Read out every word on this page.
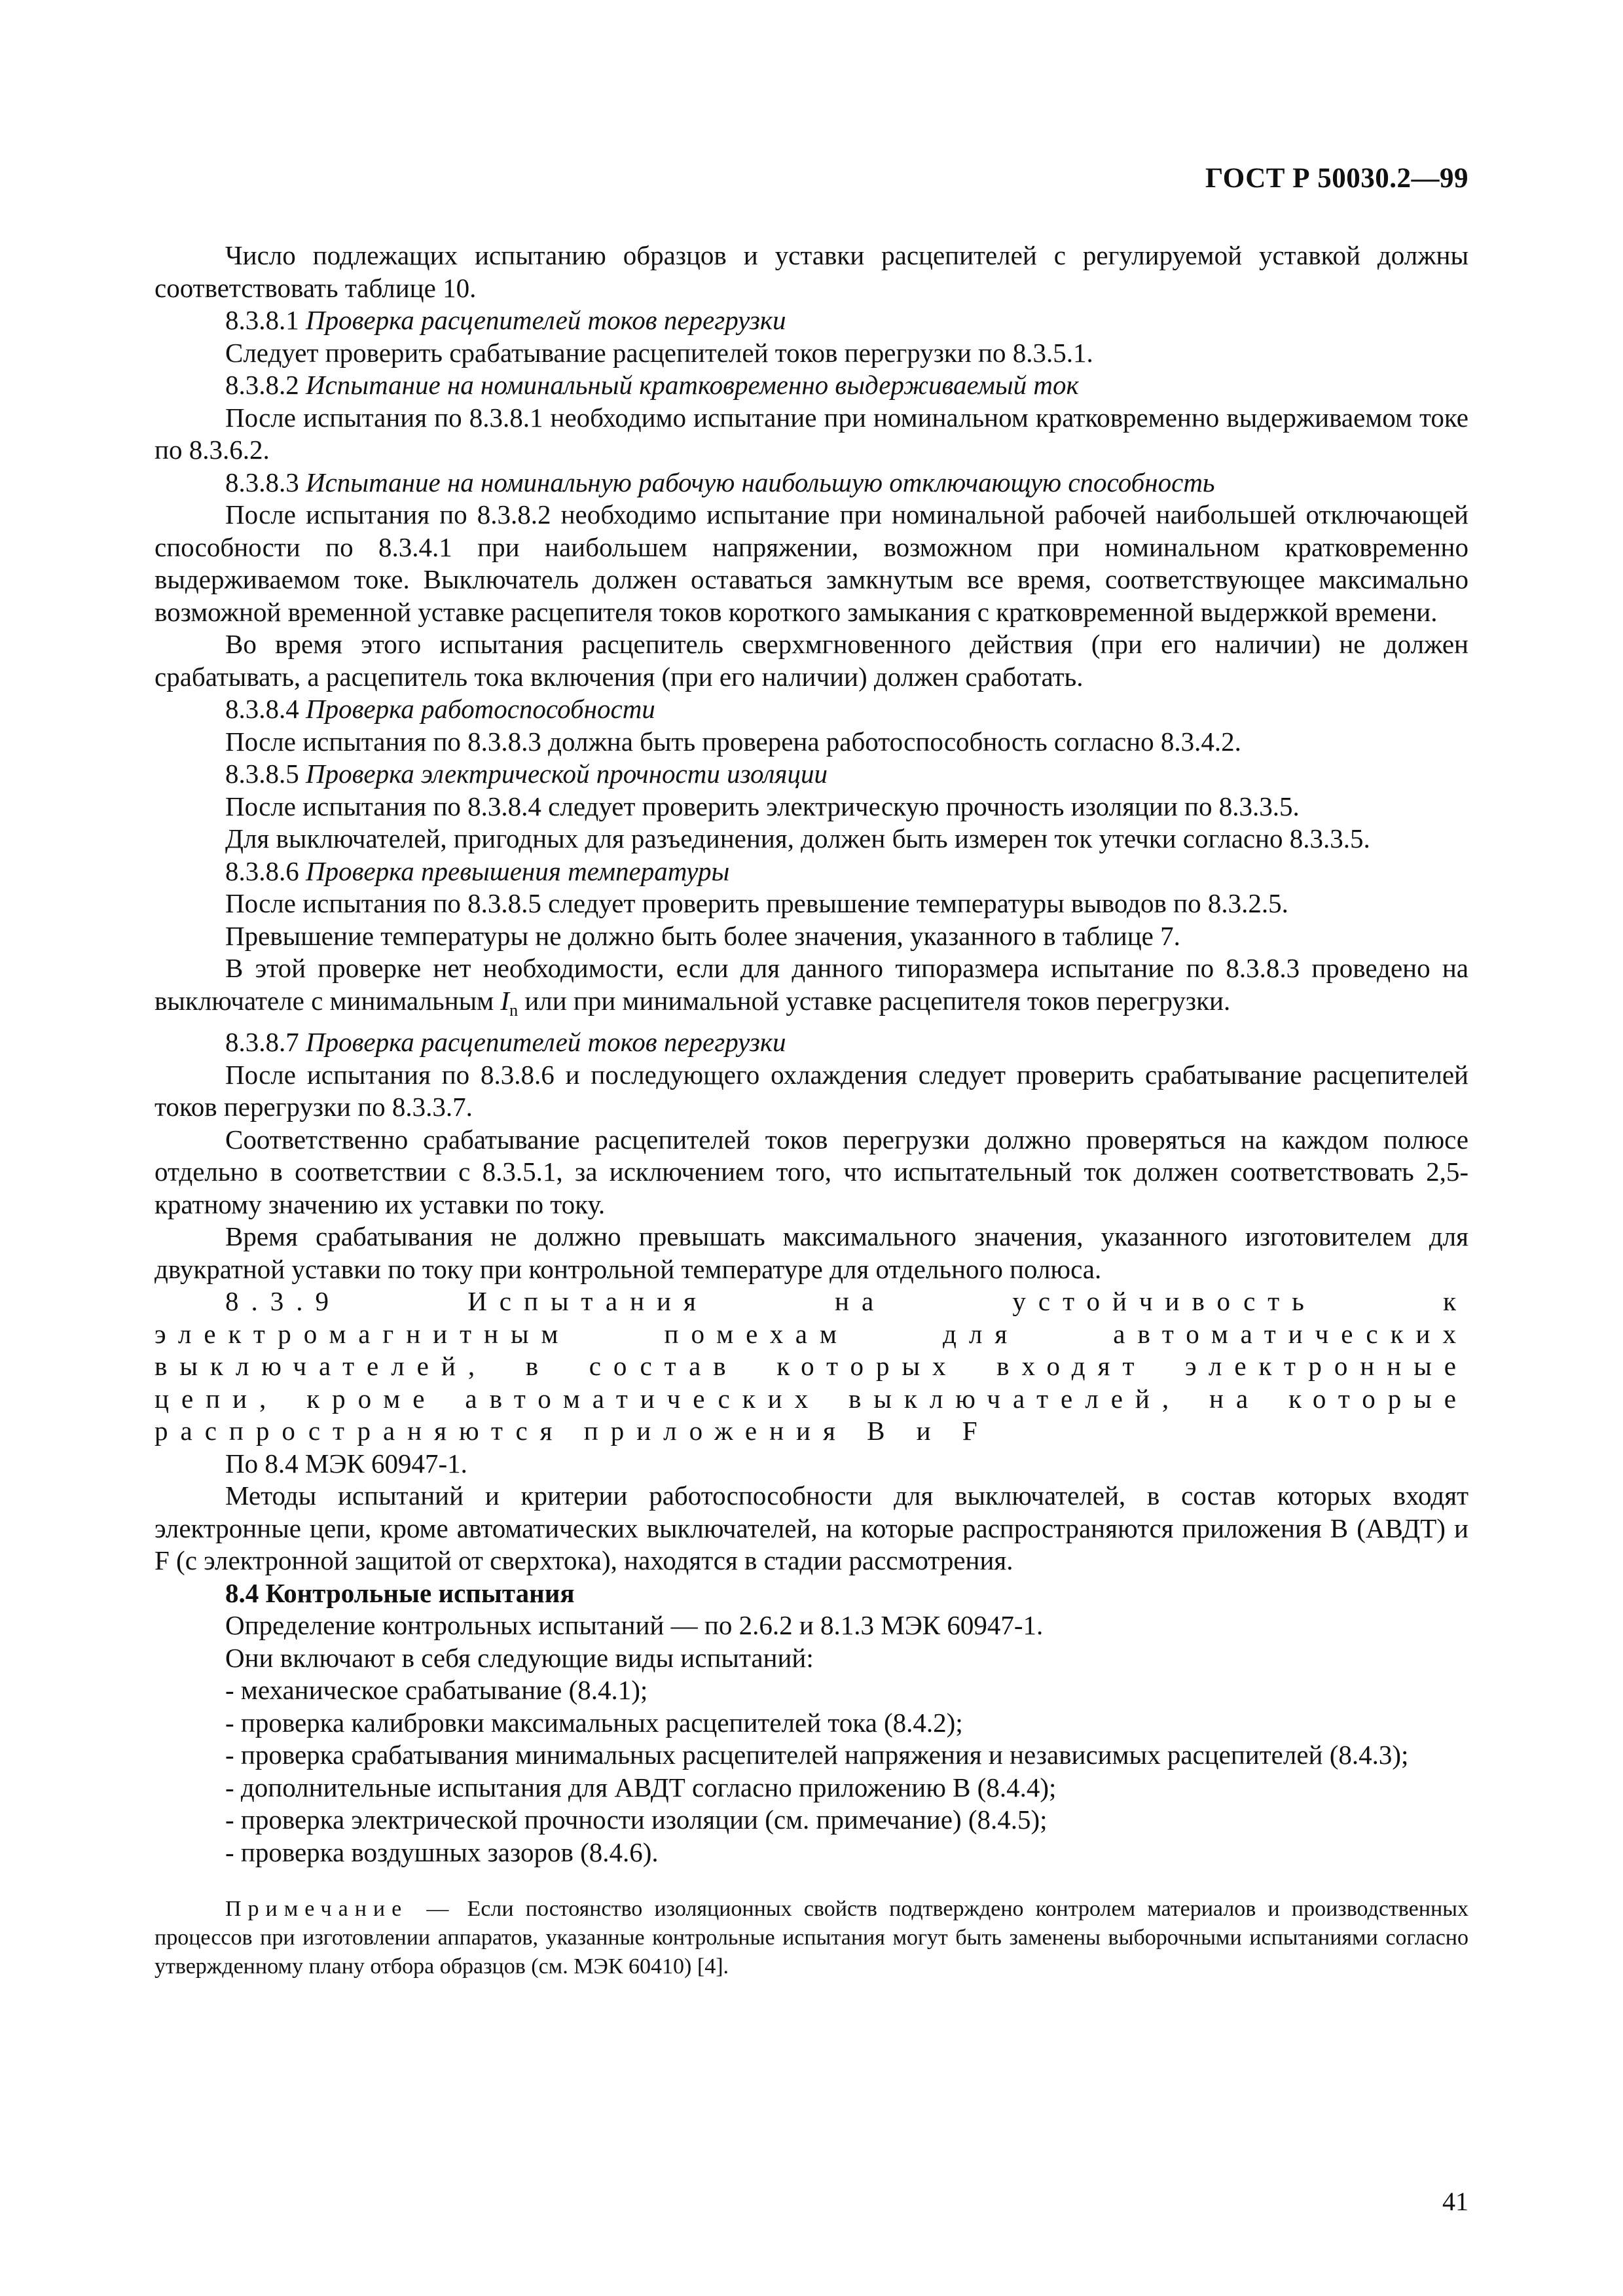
ГОСТ Р 50030.2—99

Число подлежащих испытанию образцов и уставки расцепителей с регулируемой уставкой должны соответствовать таблице 10.

8.3.8.1 Проверка расцепителей токов перегрузки

Следует проверить срабатывание расцепителей токов перегрузки по 8.3.5.1.

8.3.8.2 Испытание на номинальный кратковременно выдерживаемый ток

После испытания по 8.3.8.1 необходимо испытание при номинальном кратковременно выдерживаемом токе по 8.3.6.2.

8.3.8.3 Испытание на номинальную рабочую наибольшую отключающую способность

После испытания по 8.3.8.2 необходимо испытание при номинальной рабочей наибольшей отключающей способности по 8.3.4.1 при наибольшем напряжении, возможном при номинальном кратковременно выдерживаемом токе. Выключатель должен оставаться замкнутым все время, соответствующее максимально возможной временной уставке расцепителя токов короткого замыкания с кратковременной выдержкой времени.

Во время этого испытания расцепитель сверхмгновенного действия (при его наличии) не должен срабатывать, а расцепитель тока включения (при его наличии) должен сработать.

8.3.8.4 Проверка работоспособности

После испытания по 8.3.8.3 должна быть проверена работоспособность согласно 8.3.4.2.

8.3.8.5 Проверка электрической прочности изоляции

После испытания по 8.3.8.4 следует проверить электрическую прочность изоляции по 8.3.3.5.

Для выключателей, пригодных для разъединения, должен быть измерен ток утечки согласно 8.3.3.5.

8.3.8.6 Проверка превышения температуры

После испытания по 8.3.8.5 следует проверить превышение температуры выводов по 8.3.2.5.

Превышение температуры не должно быть более значения, указанного в таблице 7.

В этой проверке нет необходимости, если для данного типоразмера испытание по 8.3.8.3 проведено на выключателе с минимальным $I_n$ или при минимальной уставке расцепителя токов перегрузки.

8.3.8.7 Проверка расцепителей токов перегрузки

После испытания по 8.3.8.6 и последующего охлаждения следует проверить срабатывание расцепителей токов перегрузки по 8.3.3.7.

Соответственно срабатывание расцепителей токов перегрузки должно проверяться на каждом полюсе отдельно в соответствии с 8.3.5.1, за исключением того, что испытательный ток должен соответствовать 2,5-кратному значению их уставки по току.

Время срабатывания не должно превышать максимального значения, указанного изготовителем для двукратной уставки по току при контрольной температуре для отдельного полюса.

8.3.9 Испытания на устойчивость к электромагнитным помехам для автоматических выключателей, в состав которых входят электронные цепи, кроме автоматических выключателей, на которые распространяются приложения B и F

По 8.4 МЭК 60947-1.

Методы испытаний и критерии работоспособности для выключателей, в состав которых входят электронные цепи, кроме автоматических выключателей, на которые распространяются приложения B (АВДТ) и F (с электронной защитой от сверхтока), находятся в стадии рассмотрения.

8.4 Контрольные испытания

Определение контрольных испытаний — по 2.6.2 и 8.1.3 МЭК 60947-1.

Они включают в себя следующие виды испытаний:

- механическое срабатывание (8.4.1);

- проверка калибровки максимальных расцепителей тока (8.4.2);

- проверка срабатывания минимальных расцепителей напряжения и независимых расцепителей (8.4.3);

- дополнительные испытания для АВДТ согласно приложению B (8.4.4);

- проверка электрической прочности изоляции (см. примечание) (8.4.5);

- проверка воздушных зазоров (8.4.6).

Примечание — Если постоянство изоляционных свойств подтверждено контролем материалов и производственных процессов при изготовлении аппаратов, указанные контрольные испытания могут быть заменены выборочными испытаниями согласно утвержденному плану отбора образцов (см. МЭК 60410) [4].

41
